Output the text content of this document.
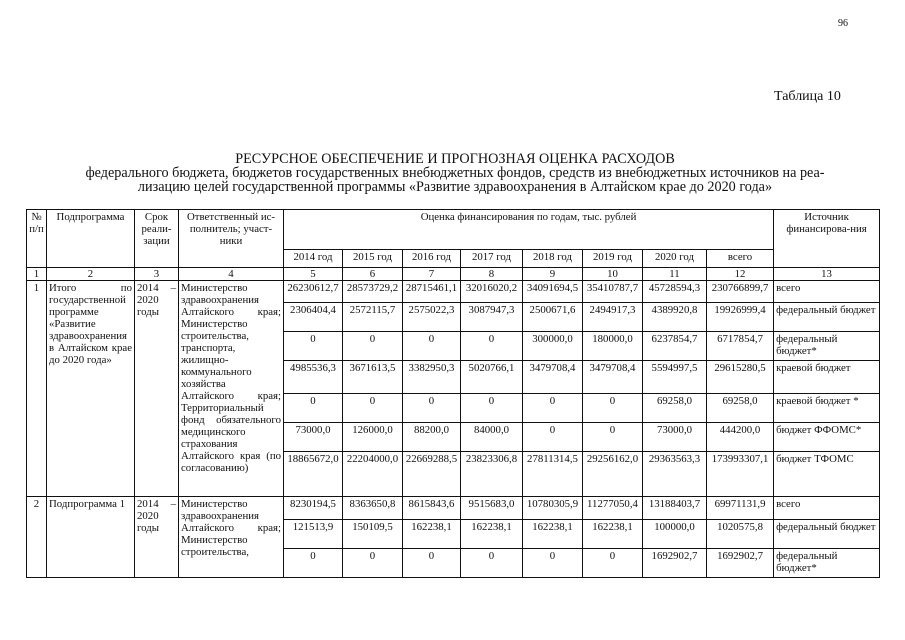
96
Таблица 10
РЕСУРСНОЕ ОБЕСПЕЧЕНИЕ И ПРОГНОЗНАЯ ОЦЕНКА РАСХОДОВ
федерального бюджета, бюджетов государственных внебюджетных фондов, средств из внебюджетных источников на реа-
лизацию целей государственной программы «Развитие здравоохранения в Алтайском крае до 2020 года»
№ п/п	Подпрограмма	Срок реали-зации	Ответственный ис-полнитель; участ-ники	Оценка финансирования по годам, тыс. рублей								Источник финансирова-ния
				2014 год	2015 год	2016 год	2017 год	2018 год	2019 год	2020 год	всего	
1	2	3	4	5	6	7	8	9	10	11	12	13
1	Итого по государственной программе «Развитие здравоохранения в Алтайском крае до 2020 года»	2014 – 2020 годы	Министерство здравоохранения Алтайского края; Министерство строительства, транспорта, жилищно-коммунального хозяйства Алтайского края; Территориальный фонд обязательного медицинского страхования Алтайского края (по согласованию)	26230612,7	28573729,2	28715461,1	32016020,2	34091694,5	35410787,7	45728594,3	230766899,7	всего
				2306404,4	2572115,7	2575022,3	3087947,3	2500671,6	2494917,3	4389920,8	19926999,4	федеральный бюджет
				0	0	0	0	300000,0	180000,0	6237854,7	6717854,7	федеральный бюджет*
				4985536,3	3671613,5	3382950,3	5020766,1	3479708,4	3479708,4	5594997,5	29615280,5	краевой бюджет
				0	0	0	0	0	0	69258,0	69258,0	краевой бюджет *
				73000,0	126000,0	88200,0	84000,0	0	0	73000,0	444200,0	бюджет ФФОМС*
				18865672,0	22204000,0	22669288,5	23823306,8	27811314,5	29256162,0	29363563,3	173993307,1	бюджет ТФОМС
2	Подпрограмма 1	2014 – 2020 годы	Министерство здравоохранения Алтайского края; Министерство строительства,	8230194,5	8363650,8	8615843,6	9515683,0	10780305,9	11277050,4	13188403,7	69971131,9	всего
				121513,9	150109,5	162238,1	162238,1	162238,1	162238,1	100000,0	1020575,8	федеральный бюджет
				0	0	0	0	0	0	1692902,7	1692902,7	федеральный бюджет*
